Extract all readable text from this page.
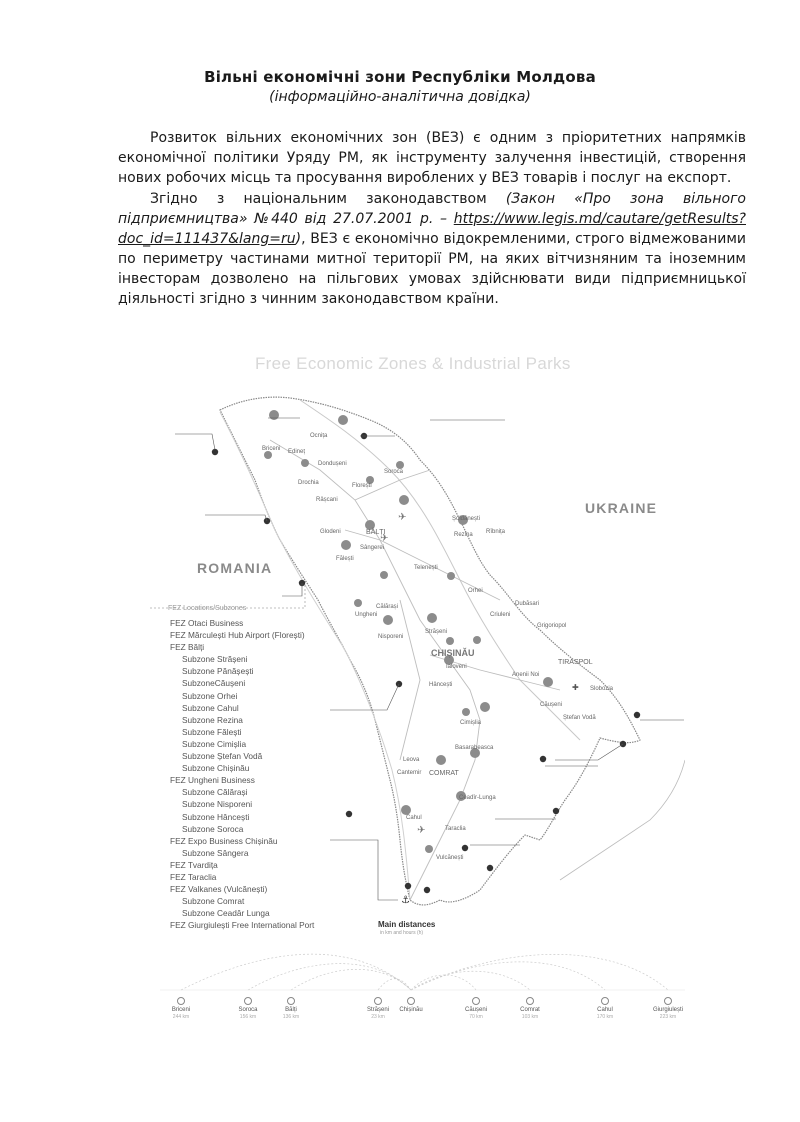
Вільні економічні зони Республіки Молдова
(інформаційно-аналітична довідка)
Розвиток вільних економічних зон (ВЕЗ) є одним з пріоритетних напрямків економічної політики Уряду РМ, як інструменту залучення інвестицій, створення нових робочих місць та просування вироблених у ВЕЗ товарів і послуг на експорт.
Згідно з національним законодавством (Закон «Про зона вільного підприємництва» №440 від 27.07.2001 р. – https://www.legis.md/cautare/getResults?doc_id=111437&lang=ru), ВЕЗ є економічно відокремленими, строго відмежованими по периметру частинами митної території РМ, на яких вітчизняним та іноземним інвесторам дозволено на пільгових умовах здійснювати види підприємницької діяльності згідно з чинним законодавством країни.
✈
✈
✈
⚓
✚
Free Economic Zones & Industrial Parks
UKRAINE
ROMANIA
Edineț
Ocnița
Briceni
Dondușeni
Drochia	Florești
Soroca
Râșcani
BĂLȚI
Glodeni
Fălești
Sângerei
Șoldănești
Rîbnița
Rezina
Telenești
Orhei
Călărași
Ungheni
Nisporeni
Strășeni
Criuleni
Dubăsari
Grigoriopol
CHIȘINĂU
Ialoveni
Hâncești
Anenii Noi
TIRASPOL
Slobozia
Căușeni
Ștefan Vodă
Cimișlia
Basarabeasca
Cantemir
Leova
COMRAT
Ceadîr-Lunga
Cahul
Taraclia
Vulcănești
FEZ Locations/Subzones
FEZ Otaci Business
FEZ Mărculești Hub Airport (Florești)
FEZ Bălți
Subzone Strășeni
Subzone Pănășești
SubzoneCăușeni
Subzone Orhei
Subzone Cahul
Subzone Rezina
Subzone Fălești
Subzone Cimișlia
Subzone Ștefan Vodă
Subzone Chișinău
FEZ Ungheni Business
Subzone Călărași
Subzone Nisporeni
Subzone Hâncești
Subzone Soroca
FEZ Expo Business Chișinău
Subzone Sângera
FEZ Tvardița
FEZ Taraclia
FEZ Valkanes (Vulcănești)
Subzone Comrat
Subzone Ceadâr Lunga
FEZ Giurgiulești Free International Port	Main distances
in km and hours (h)
Briceni
244 km
Soroca
156 km
Bălți
136 km
Strășeni
23 km
Chișinău	Căușeni
70 km
Comrat
103 km
Cahul
170 km
Giurgiulești
223 km
